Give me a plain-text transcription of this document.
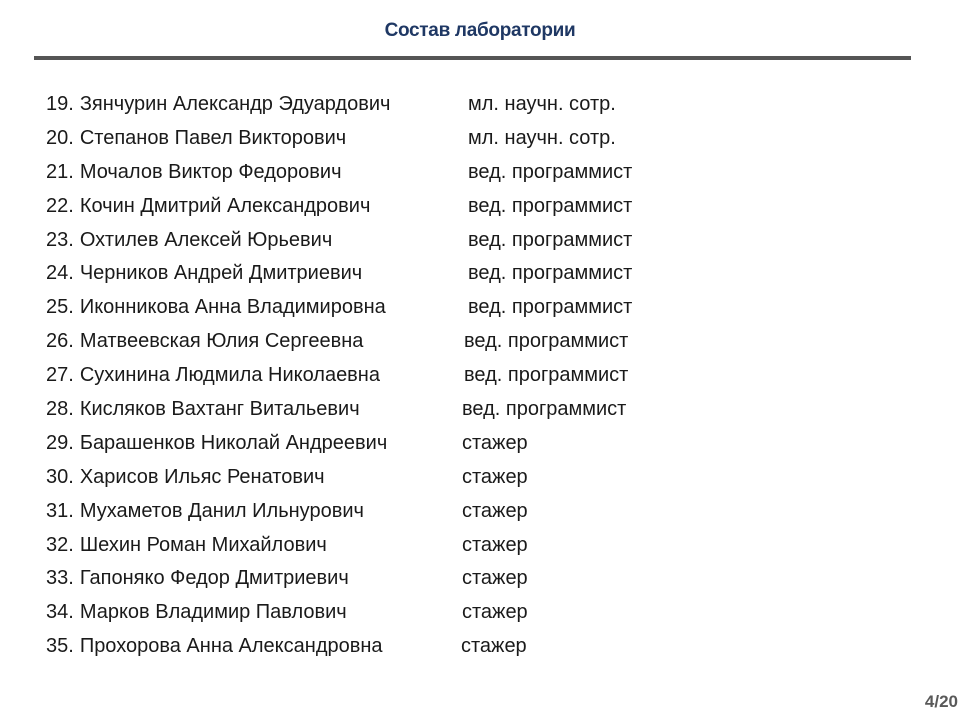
Состав лаборатории
19. Зянчурин Александр Эдуардович	мл. научн. сотр.
20. Степанов Павел Викторович	мл. научн. сотр.
21. Мочалов Виктор Федорович	вед. программист
22. Кочин Дмитрий Александрович	вед. программист
23. Охтилев Алексей Юрьевич	вед. программист
24. Черников Андрей Дмитриевич	вед. программист
25. Иконникова Анна Владимировна	вед. программист
26. Матвеевская Юлия Сергеевна	вед. программист
27. Сухинина Людмила Николаевна	вед. программист
28. Кисляков Вахтанг Витальевич	вед. программист
29. Барашенков Николай Андреевич	стажер
30. Харисов Ильяс Ренатович	стажер
31. Мухаметов Данил Ильнурович	стажер
32. Шехин Роман Михайлович	стажер
33. Гапоняко Федор Дмитриевич	стажер
34. Марков Владимир Павлович	стажер
35. Прохорова Анна Александровна	стажер
4/20
